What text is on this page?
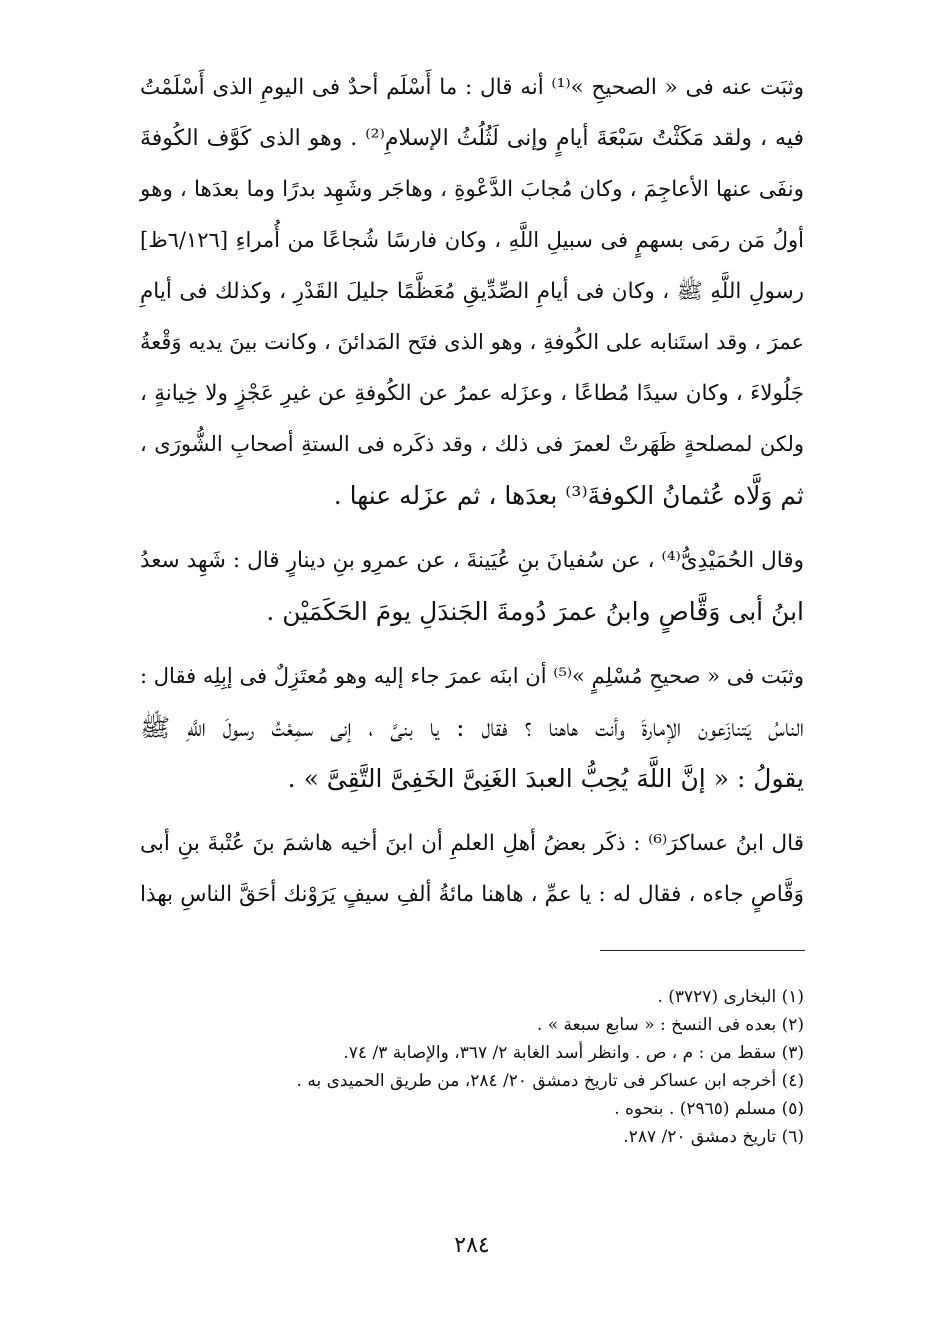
وثبَت عنه فى « الصحيحِ »⁽¹⁾ أنه قال : ما أَسْلَم أحدٌ فى اليومِ الذى أَسْلَمْتُ
فيه ، ولقد مَكَثْتُ سَبْعَةَ أيامٍ وإنى لَثُلُثُ الإسلامِ⁽²⁾ . وهو الذى كَوَّف الكُوفةَ
ونفَى عنها الأعاجِمَ ، وكان مُجابَ الدَّعْوةِ ، وهاجَر وشَهِد بدرًا وما بعدَها ، وهو
أولُ مَن رمَى بسهمٍ فى سبيلِ اللَّهِ ، وكان فارسًا شُجاعًا من أُمراءِ [٦/١٢٦ظ]
رسولِ اللَّهِ ﷺ ، وكان فى أيامِ الصِّدِّيقِ مُعَظَّمًا جليلَ القَدْرِ ، وكذلك فى أيامِ
عمرَ ، وقد استَنابه على الكُوفةِ ، وهو الذى فتَح المَدائنَ ، وكانت بينَ يديه وَقْعةُ
جَلُولاءَ ، وكان سيدًا مُطاعًا ، وعزَله عمرُ عن الكُوفةِ عن غيرِ عَجْزٍ ولا خِيانةٍ ،
ولكن لمصلحةٍ ظَهَرتْ لعمرَ فى ذلك ، وقد ذكَره فى الستةِ أصحابِ الشُّورَى ،
ثم وَلَّاه عُثمانُ الكوفةَ⁽³⁾ بعدَها ، ثم عزَله عنها .
وقال الحُمَيْدِىُّ⁽⁴⁾ ، عن سُفيانَ بنِ عُيَينةَ ، عن عمرِو بنِ دينارٍ قال : شَهِد سعدُ
ابنُ أبى وَقَّاصٍ وابنُ عمرَ دُومةَ الجَندَلِ يومَ الحَكَمَيْن .
وثبَت فى « صحيحِ مُسْلِمٍ »⁽⁵⁾ أن ابنَه عمرَ جاء إليه وهو مُعتَزِلٌ فى إبِلِه فقال :
الناسُ يَتنازَعون الإمارةَ وأنت هاهنا ؟ فقال : يا بنىَّ ، إنى سمِعْتُ رسولَ اللَّهِ ﷺ
يقولُ : « إنَّ اللَّهَ يُحِبُّ العبدَ الغَنِىَّ الخَفِىَّ التَّقِىَّ » .
قال ابنُ عساكرَ⁽⁶⁾ : ذكَر بعضُ أهلِ العلمِ أن ابنَ أخيه هاشمَ بنَ عُتْبةَ بنِ أبى
وَقَّاصٍ جاءه ، فقال له : يا عمِّ ، هاهنا مائةُ ألفِ سيفٍ يَرَوْنك أحَقَّ الناسِ بهذا

(١) البخارى (٣٧٢٧) .

(٢) بعده فى النسخ : « سابع سبعة » .

(٣) سقط من : م ، ص . وانظر أسد الغابة ٢/ ٣٦٧، والإصابة ٣/ ٧٤.

(٤) أخرجه ابن عساكر فى تاريخ دمشق ٢٠/ ٢٨٤، من طريق الحميدى به .

(٥) مسلم (٢٩٦٥) . بنحوه .

(٦) تاريخ دمشق ٢٠/ ٢٨٧.

٢٨٤
